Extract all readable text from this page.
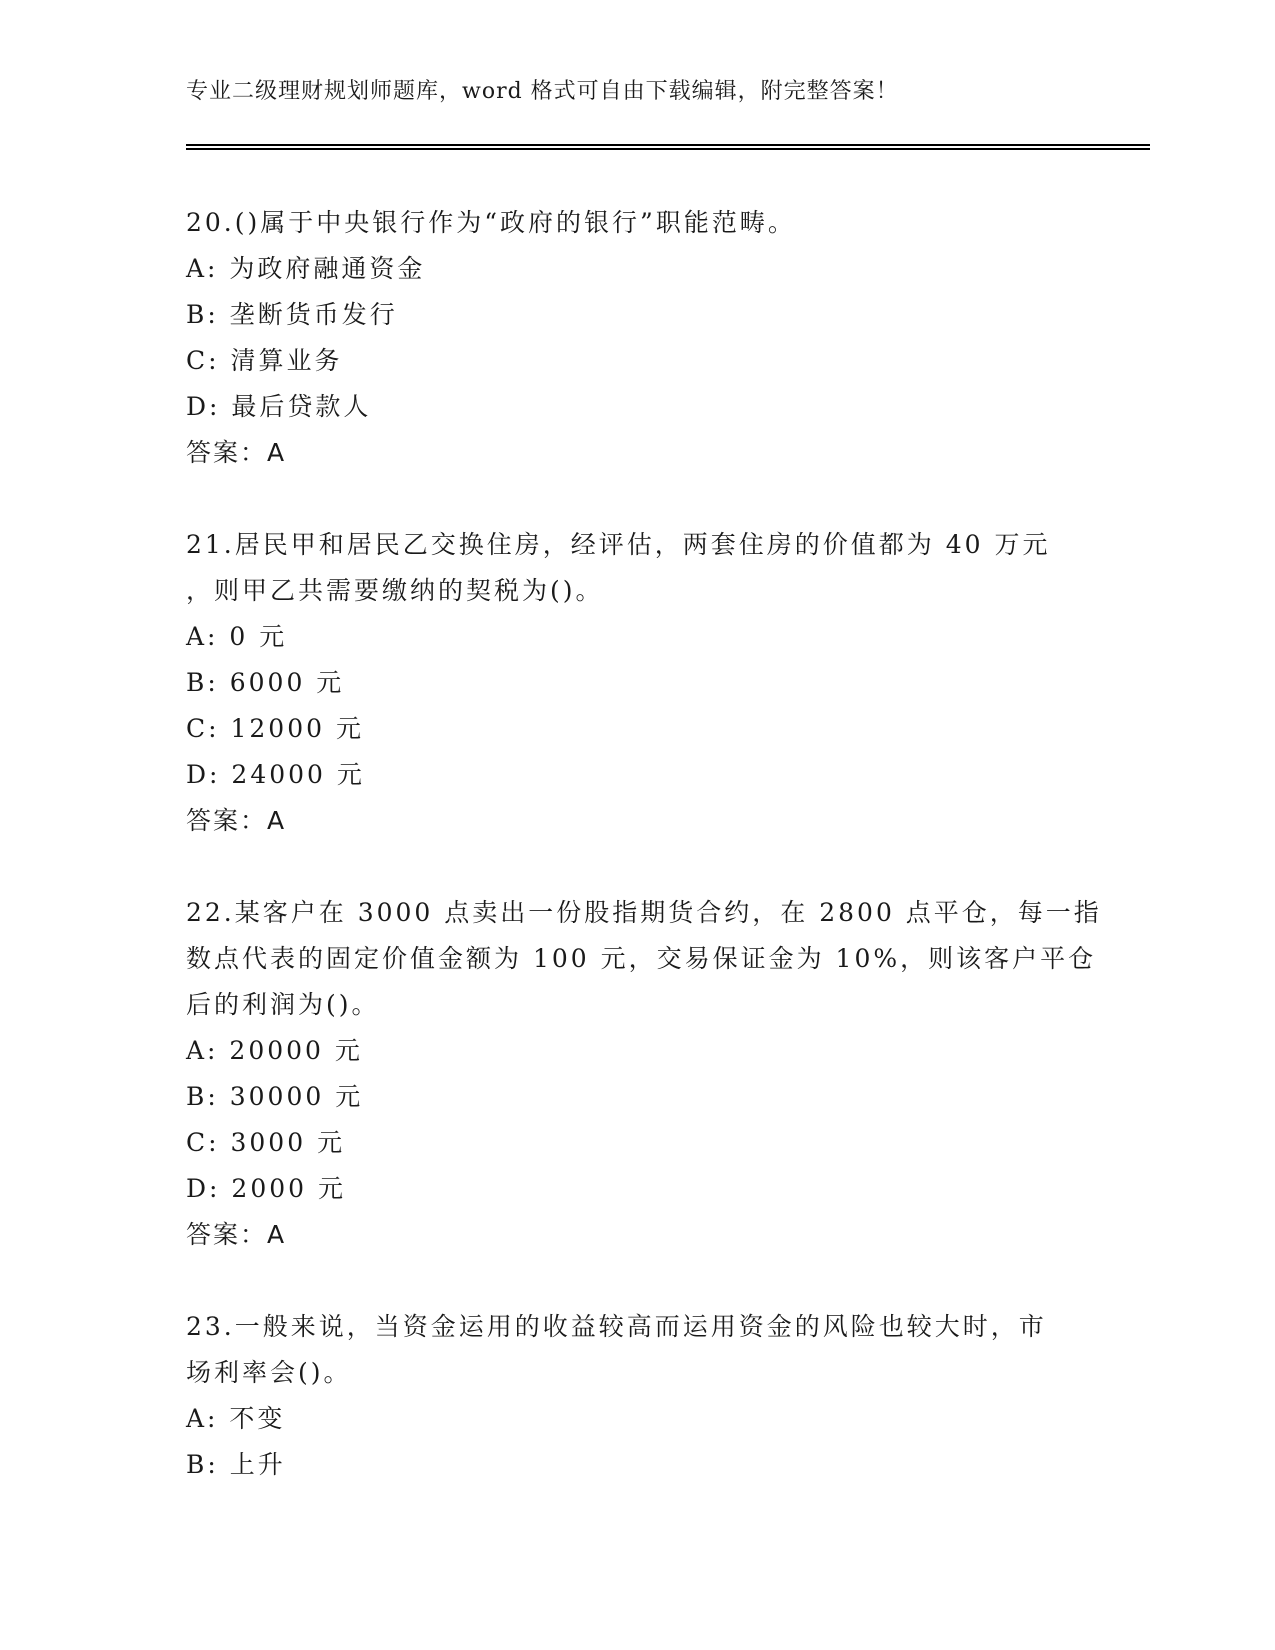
专业二级理财规划师题库，word 格式可自由下载编辑，附完整答案！
20.()属于中央银行作为“政府的银行”职能范畴。
A: 为政府融通资金
B: 垄断货币发行
C: 清算业务
D: 最后贷款人
答案：A
21.居民甲和居民乙交换住房，经评估，两套住房的价值都为 40 万元
，则甲乙共需要缴纳的契税为()。
A: 0 元
B: 6000 元
C: 12000 元
D: 24000 元
答案：A
22.某客户在 3000 点卖出一份股指期货合约，在 2800 点平仓，每一指
数点代表的固定价值金额为 100 元，交易保证金为 10%，则该客户平仓
后的利润为()。
A: 20000 元
B: 30000 元
C: 3000 元
D: 2000 元
答案：A
23.一般来说，当资金运用的收益较高而运用资金的风险也较大时，市
场利率会()。
A: 不变
B: 上升
